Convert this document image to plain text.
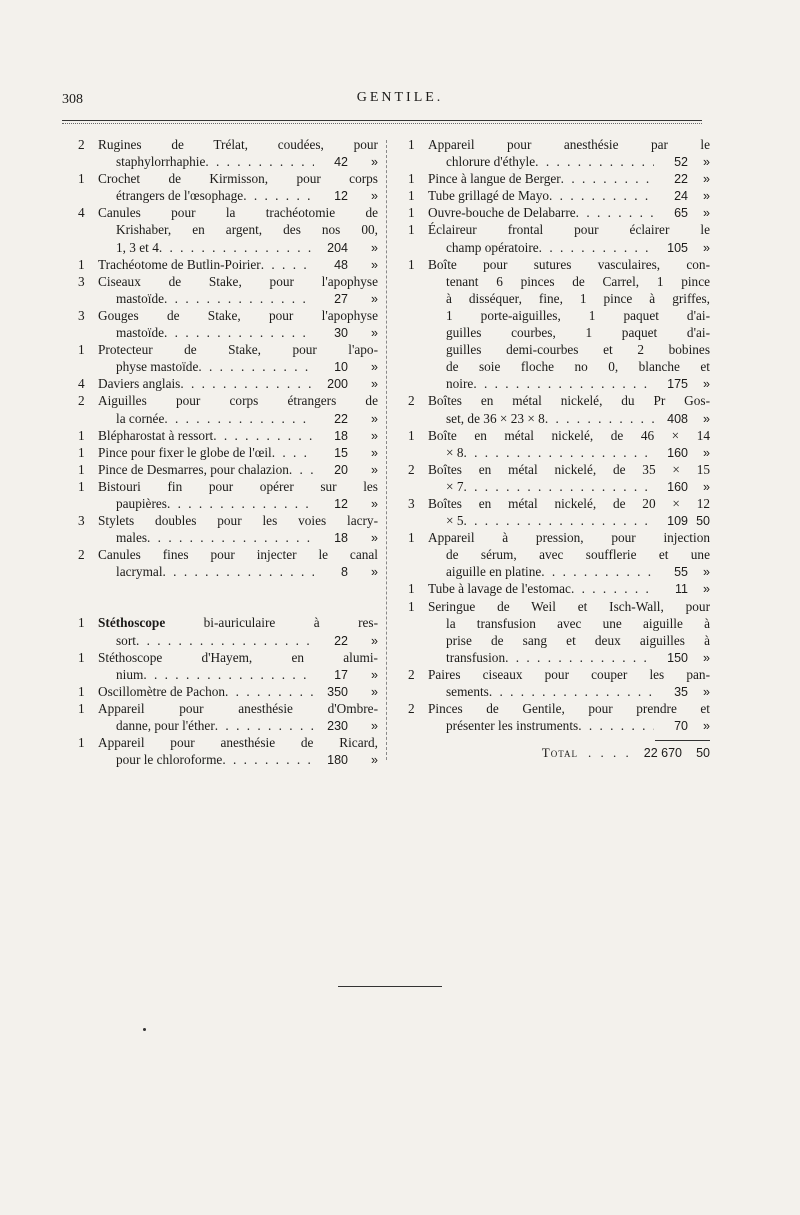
308	GENTILE.
2	Rugines de Trélat, coudées, pour
staphylorrhaphie . . .	42	»
1	Crochet de Kirmisson, pour corps
étrangers de l'œsophage . . .	12	»
4	Canules pour la trachéotomie de
Krishaber, en argent, des nos 00,
1, 3 et 4 . . .	204	»
1	Trachéotome de Butlin-Poirier . . .	48	»
3	Ciseaux de Stake, pour l'apophyse
mastoïde . . .	27	»
3	Gouges de Stake, pour l'apophyse
mastoïde . . .	30	»
1	Protecteur de Stake, pour l'apo-
physe mastoïde . . .	10	»
4	Daviers anglais . . .	200	»
2	Aiguilles pour corps étrangers de
la cornée . . .	22	»
1	Blépharostat à ressort . . .	18	»
1	Pince pour fixer le globe de l'œil . . .	15	»
1	Pince de Desmarres, pour chalazion . . .	20	»
1	Bistouri fin pour opérer sur les
paupières . . .	12	»
3	Stylets doubles pour les voies lacry-
males . . .	18	»
2	Canules fines pour injecter le canal
lacrymal . . .	8	»
1	Stéthoscope bi-auriculaire à res-
sort . . .	22	»
1	Stéthoscope d'Hayem, en alumi-
nium . . .	17	»
1	Oscillomètre de Pachon . . .	350	»
1	Appareil pour anesthésie d'Ombre-
danne, pour l'éther . . .	230	»
1	Appareil pour anesthésie de Ricard,
pour le chloroforme . . .	180	»
1	Appareil pour anesthésie par le
chlorure d'éthyle . . .	52	»
1	Pince à langue de Berger . . .	22	»
1	Tube grillagé de Mayo . . .	24	»
1	Ouvre-bouche de Delabarre . . .	65	»
1	Éclaireur frontal pour éclairer le
champ opératoire . . .	105	»
1	Boîte pour sutures vasculaires, con-
tenant 6 pinces de Carrel, 1 pince
à disséquer, fine, 1 pince à griffes,
1 porte-aiguilles, 1 paquet d'ai-
guilles courbes, 1 paquet d'ai-
guilles demi-courbes et 2 bobines
de soie floche no 0, blanche et
noire . . .	175	»
2	Boîtes en métal nickelé, du Pr Gos-
set, de 36 × 23 × 8 . . .	408	»
1	Boîte en métal nickelé, de 46 × 14
× 8 . . .	160	»
2	Boîtes en métal nickelé, de 35 × 15
× 7 . . .	160	»
3	Boîtes en métal nickelé, de 20 × 12
× 5 . . .	109 50
1	Appareil à pression, pour injection
de sérum, avec soufflerie et une
aiguille en platine . . .	55	»
1	Tube à lavage de l'estomac . . .	11	»
1	Seringue de Weil et Isch-Wall, pour
la transfusion avec une aiguille à
prise de sang et deux aiguilles à
transfusion . . .	150	»
2	Paires ciseaux pour couper les pan-
sements . . .	35	»
2	Pinces de Gentile, pour prendre et
présenter les instruments . . .	70	»
Total . . . . 22 670	50
